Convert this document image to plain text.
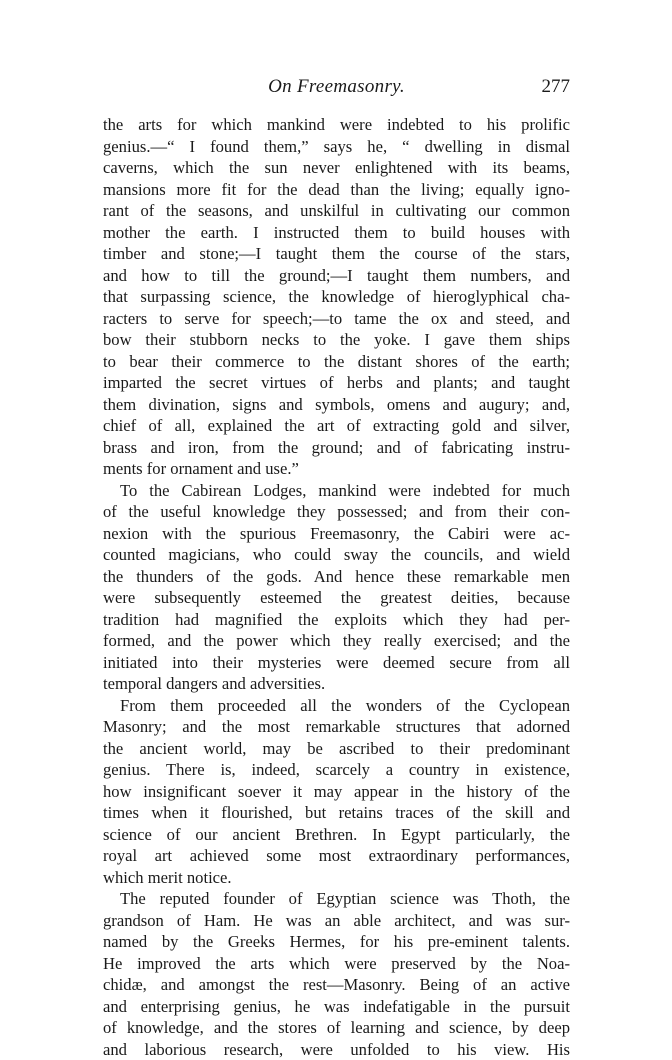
On Freemasonry.	277
the arts for which mankind were indebted to his prolific
genius.—“ I found them,” says he, “ dwelling in dismal
caverns, which the sun never enlightened with its beams,
mansions more fit for the dead than the living; equally igno-
rant of the seasons, and unskilful in cultivating our common
mother the earth. I instructed them to build houses with
timber and stone;—I taught them the course of the stars,
and how to till the ground;—I taught them numbers, and
that surpassing science, the knowledge of hieroglyphical cha-
racters to serve for speech;—to tame the ox and steed, and
bow their stubborn necks to the yoke. I gave them ships
to bear their commerce to the distant shores of the earth;
imparted the secret virtues of herbs and plants; and taught
them divination, signs and symbols, omens and augury; and,
chief of all, explained the art of extracting gold and silver,
brass and iron, from the ground; and of fabricating instru-
ments for ornament and use.”
To the Cabirean Lodges, mankind were indebted for much
of the useful knowledge they possessed; and from their con-
nexion with the spurious Freemasonry, the Cabiri were ac-
counted magicians, who could sway the councils, and wield
the thunders of the gods. And hence these remarkable men
were subsequently esteemed the greatest deities, because
tradition had magnified the exploits which they had per-
formed, and the power which they really exercised; and the
initiated into their mysteries were deemed secure from all
temporal dangers and adversities.
From them proceeded all the wonders of the Cyclopean
Masonry; and the most remarkable structures that adorned
the ancient world, may be ascribed to their predominant
genius. There is, indeed, scarcely a country in existence,
how insignificant soever it may appear in the history of the
times when it flourished, but retains traces of the skill and
science of our ancient Brethren. In Egypt particularly, the
royal art achieved some most extraordinary performances,
which merit notice.
The reputed founder of Egyptian science was Thoth, the
grandson of Ham. He was an able architect, and was sur-
named by the Greeks Hermes, for his pre-eminent talents.
He improved the arts which were preserved by the Noa-
chidæ, and amongst the rest—Masonry. Being of an active
and enterprising genius, he was indefatigable in the pursuit
of knowledge, and the stores of learning and science, by deep
and laborious research, were unfolded to his view. His
